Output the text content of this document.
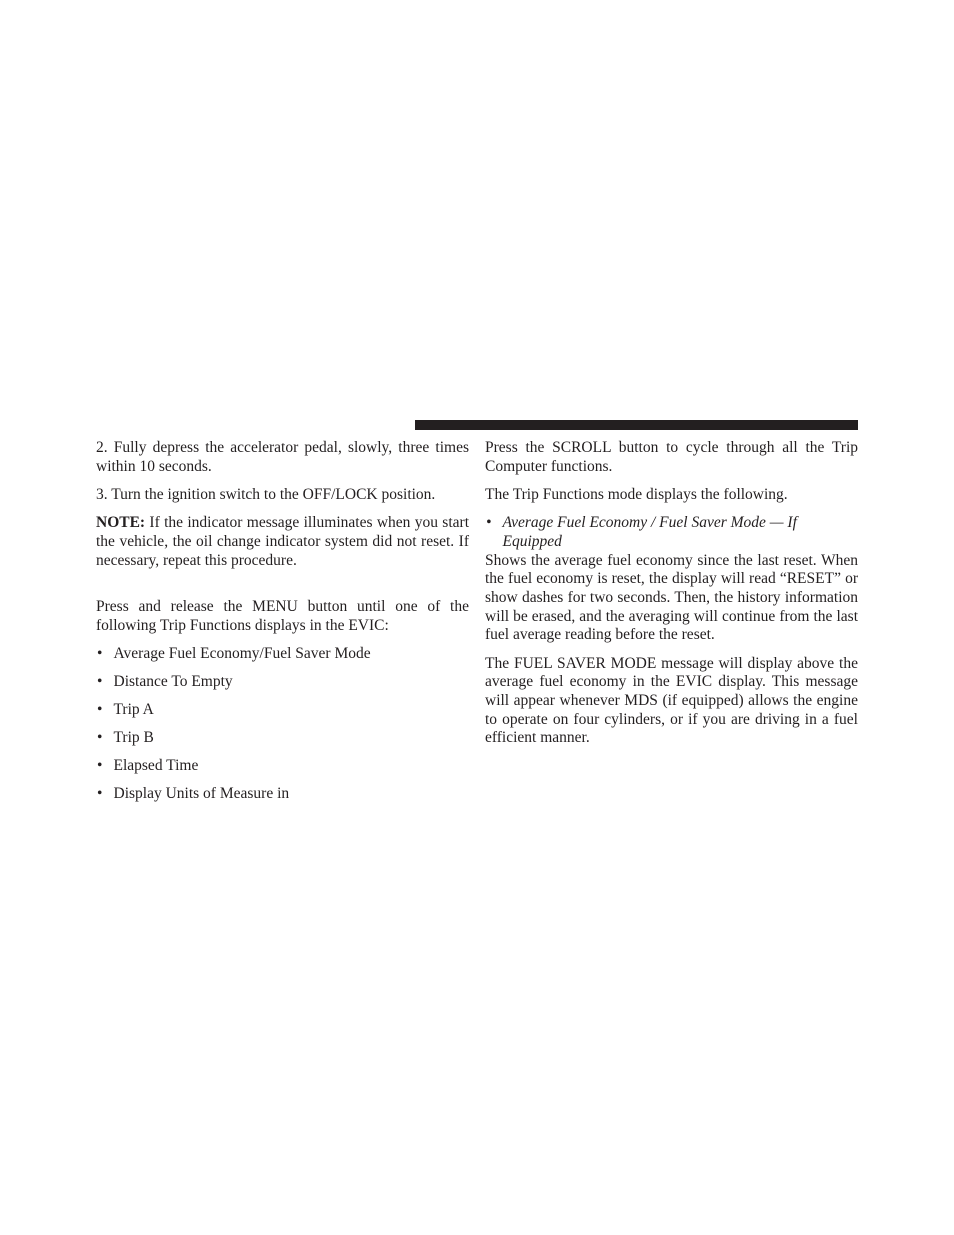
2. Fully depress the accelerator pedal, slowly, three times within 10 seconds.

3. Turn the ignition switch to the OFF/LOCK position.

NOTE: If the indicator message illuminates when you start the vehicle, the oil change indicator system did not reset. If necessary, repeat this procedure.

Press and release the MENU button until one of the following Trip Functions displays in the EVIC:

• Average Fuel Economy/Fuel Saver Mode
• Distance To Empty
• Trip A
• Trip B
• Elapsed Time
• Display Units of Measure in

Press the SCROLL button to cycle through all the Trip Computer functions.

The Trip Functions mode displays the following.

• Average Fuel Economy / Fuel Saver Mode — If Equipped

Shows the average fuel economy since the last reset. When the fuel economy is reset, the display will read “RESET” or show dashes for two seconds. Then, the history information will be erased, and the averaging will continue from the last fuel average reading before the reset.

The FUEL SAVER MODE message will display above the average fuel economy in the EVIC display. This message will appear whenever MDS (if equipped) allows the engine to operate on four cylinders, or if you are driving in a fuel efficient manner.
